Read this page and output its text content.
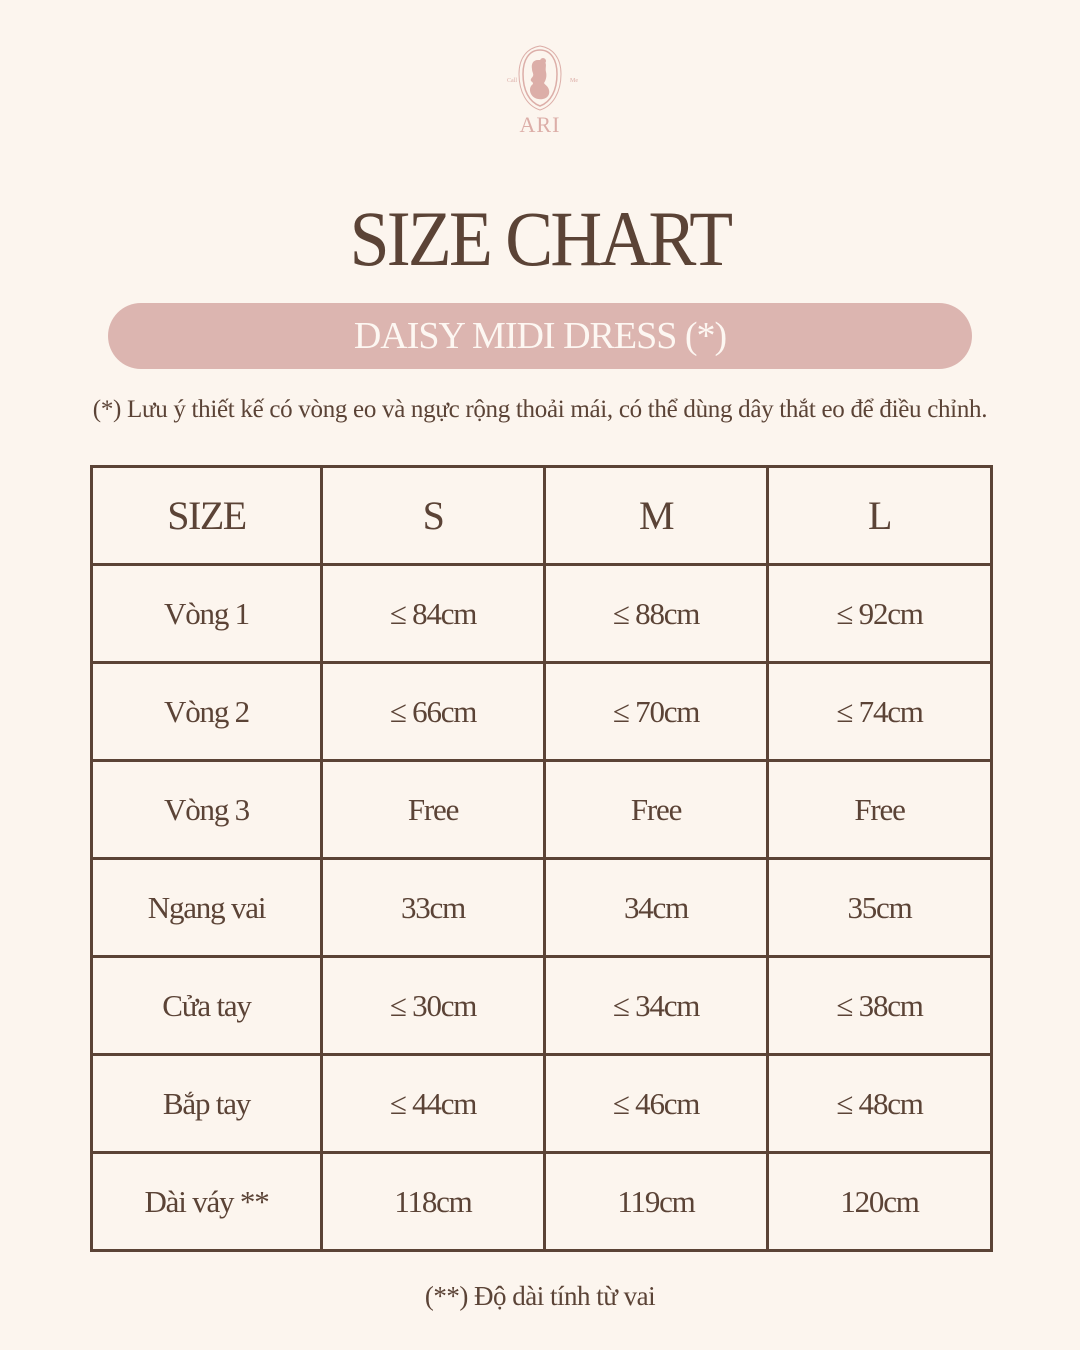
Call	Me
ARI
SIZE CHART
DAISY MIDI DRESS (*)
(*) Lưu ý thiết kế có vòng eo và ngực rộng thoải mái, có thể dùng dây thắt eo để điều chỉnh.
SIZE	S	M	L
Vòng 1	≤ 84cm	≤ 88cm	≤ 92cm
Vòng 2	≤ 66cm	≤ 70cm	≤ 74cm
Vòng 3	Free	Free	Free
Ngang vai	33cm	34cm	35cm
Cửa tay	≤ 30cm	≤ 34cm	≤ 38cm
Bắp tay	≤ 44cm	≤ 46cm	≤ 48cm
Dài váy **	118cm	119cm	120cm
(**) Độ dài tính từ vai
